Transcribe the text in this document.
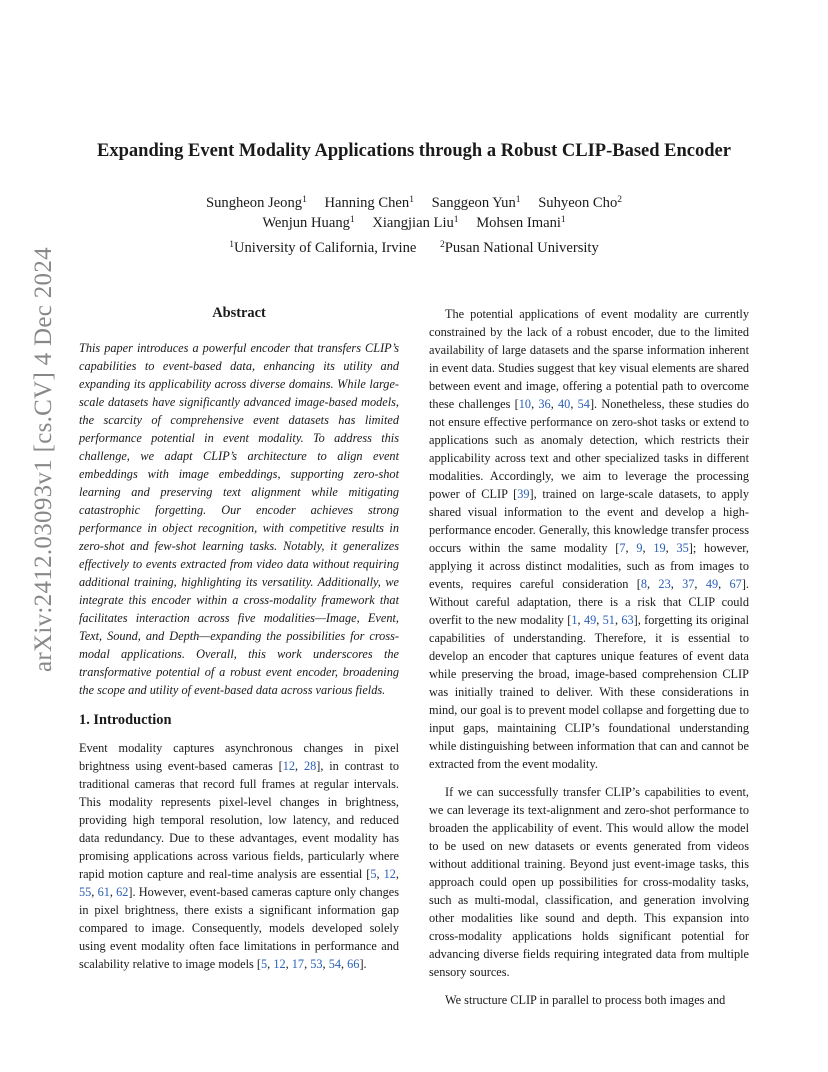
arXiv:2412.03093v1 [cs.CV] 4 Dec 2024
Expanding Event Modality Applications through a Robust CLIP-Based Encoder
Sungheon Jeong$^1$ Hanning Chen$^1$ Sanggeon Yun$^1$ Suhyeon Cho$^2$
Wenjun Huang$^1$ Xiangjian Liu$^1$ Mohsen Imani$^1$
$^1$University of California, Irvine $^2$Pusan National University
Abstract

This paper introduces a powerful encoder that transfers CLIP’s capabilities to event-based data, enhancing its utility and expanding its applicability across diverse domains. While large-scale datasets have significantly advanced image-based models, the scarcity of comprehensive event datasets has limited performance potential in event modality. To address this challenge, we adapt CLIP’s architecture to align event embeddings with image embeddings, supporting zero-shot learning and preserving text alignment while mitigating catastrophic forgetting. Our encoder achieves strong performance in object recognition, with competitive results in zero-shot and few-shot learning tasks. Notably, it generalizes effectively to events extracted from video data without requiring additional training, highlighting its versatility. Additionally, we integrate this encoder within a cross-modality framework that facilitates interaction across five modalities—Image, Event, Text, Sound, and Depth—expanding the possibilities for cross-modal applications. Overall, this work underscores the transformative potential of a robust event encoder, broadening the scope and utility of event-based data across various fields.

1. Introduction

Event modality captures asynchronous changes in pixel brightness using event-based cameras [12, 28], in contrast to traditional cameras that record full frames at regular intervals. This modality represents pixel-level changes in brightness, providing high temporal resolution, low latency, and reduced data redundancy. Due to these advantages, event modality has promising applications across various fields, particularly where rapid motion capture and real-time analysis are essential [5, 12, 55, 61, 62]. However, event-based cameras capture only changes in pixel brightness, there exists a significant information gap compared to image. Consequently, models developed solely using event modality often face limitations in performance and scalability relative to image models [5, 12, 17, 53, 54, 66].

The potential applications of event modality are currently constrained by the lack of a robust encoder, due to the limited availability of large datasets and the sparse information inherent in event data. Studies suggest that key visual elements are shared between event and image, offering a potential path to overcome these challenges [10, 36, 40, 54]. Nonetheless, these studies do not ensure effective performance on zero-shot tasks or extend to applications such as anomaly detection, which restricts their applicability across text and other specialized tasks in different modalities. Accordingly, we aim to leverage the processing power of CLIP [39], trained on large-scale datasets, to apply shared visual information to the event and develop a high-performance encoder. Generally, this knowledge transfer process occurs within the same modality [7, 9, 19, 35]; however, applying it across distinct modalities, such as from images to events, requires careful consideration [8, 23, 37, 49, 67]. Without careful adaptation, there is a risk that CLIP could overfit to the new modality [1, 49, 51, 63], forgetting its original capabilities of understanding. Therefore, it is essential to develop an encoder that captures unique features of event data while preserving the broad, image-based comprehension CLIP was initially trained to deliver. With these considerations in mind, our goal is to prevent model collapse and forgetting due to input gaps, maintaining CLIP’s foundational understanding while distinguishing between information that can and cannot be extracted from the event modality.

If we can successfully transfer CLIP’s capabilities to event, we can leverage its text-alignment and zero-shot performance to broaden the applicability of event. This would allow the model to be used on new datasets or events generated from videos without additional training. Beyond just event-image tasks, this approach could open up possibilities for cross-modality tasks, such as multi-modal, classification, and generation involving other modalities like sound and depth. This expansion into cross-modality applications holds significant potential for advancing diverse fields requiring integrated data from multiple sensory sources.

We structure CLIP in parallel to process both images and
